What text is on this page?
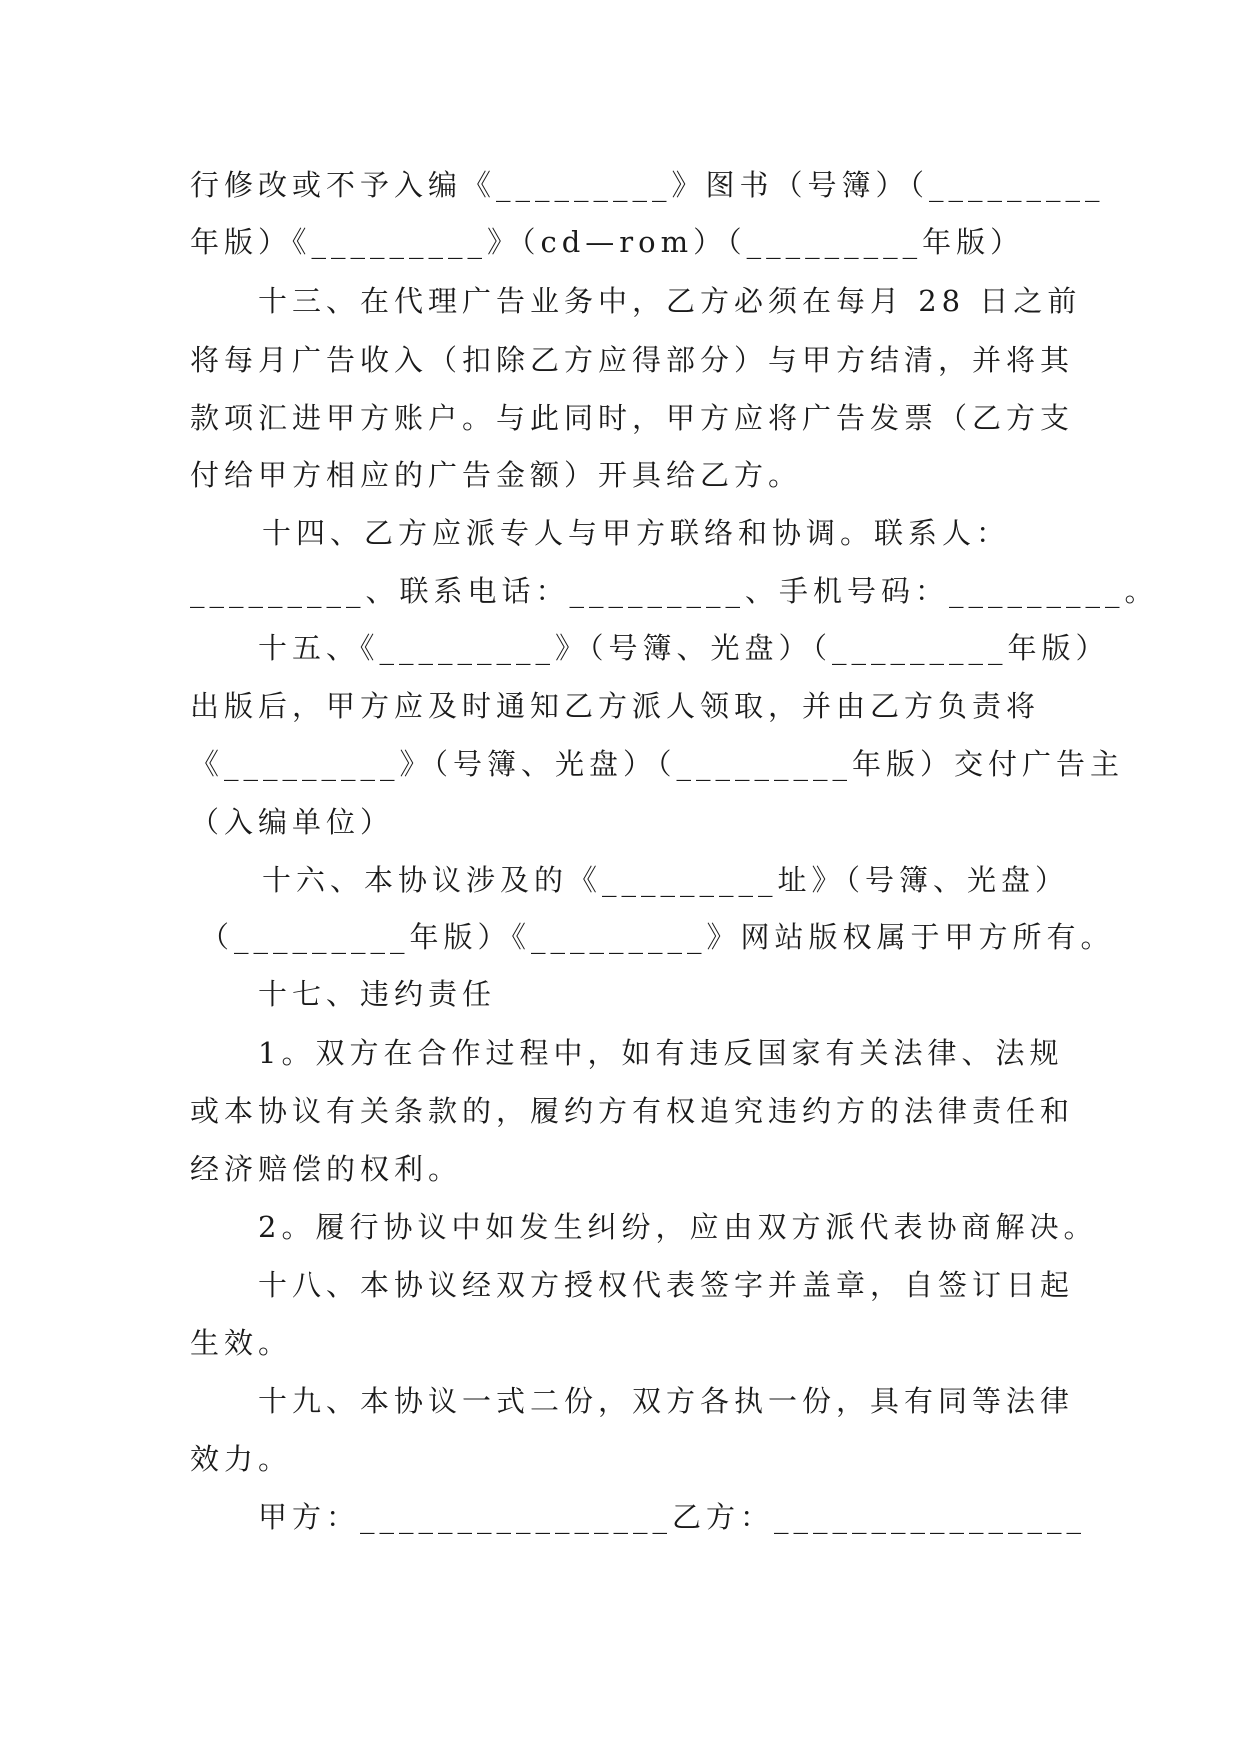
行修改或不予入编《_________》图书（号簿）（_________
年版）《_________》（cd—rom）（_________年版）
十三、在代理广告业务中，乙方必须在每月 28 日之前
将每月广告收入（扣除乙方应得部分）与甲方结清，并将其
款项汇进甲方账户。与此同时，甲方应将广告发票（乙方支
付给甲方相应的广告金额）开具给乙方。
十四、乙方应派专人与甲方联络和协调。联系人：
_________、联系电话：_________、手机号码：_________。
十五、《_________》（号簿、光盘）（_________年版）
出版后，甲方应及时通知乙方派人领取，并由乙方负责将
《_________》（号簿、光盘）（_________年版）交付广告主
（入编单位）
十六、本协议涉及的《_________址》（号簿、光盘）
（_________年版）《_________》网站版权属于甲方所有。
十七、违约责任
1。双方在合作过程中，如有违反国家有关法律、法规
或本协议有关条款的，履约方有权追究违约方的法律责任和
经济赔偿的权利。
2。履行协议中如发生纠纷，应由双方派代表协商解决。
十八、本协议经双方授权代表签字并盖章，自签订日起
生效。
十九、本协议一式二份，双方各执一份，具有同等法律
效力。
甲方：________________乙方：________________
